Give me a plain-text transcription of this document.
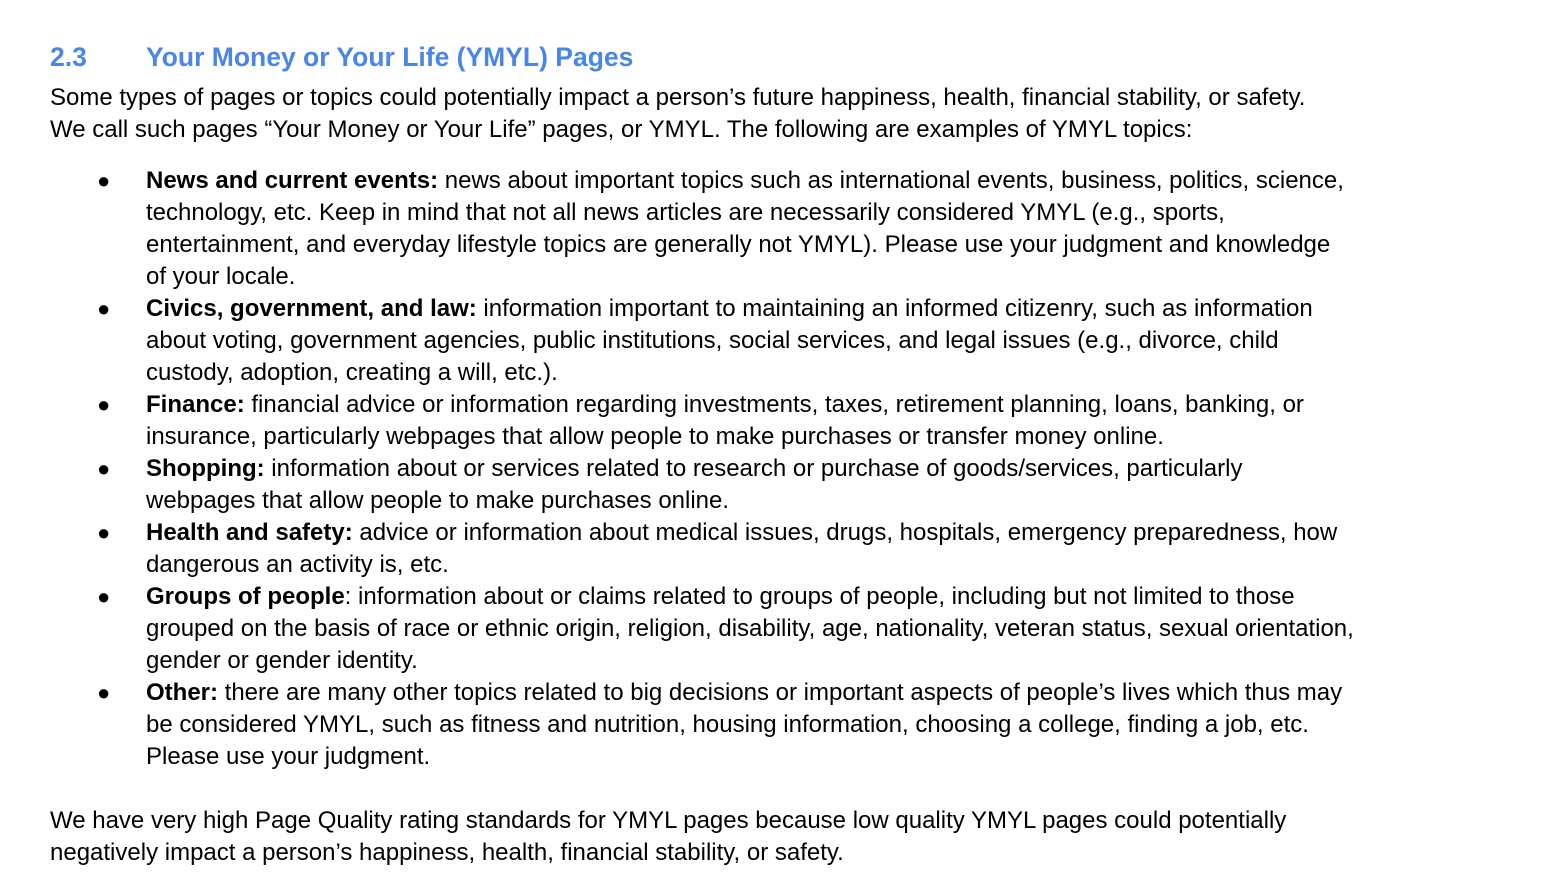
2.3	Your Money or Your Life (YMYL) Pages

Some types of pages or topics could potentially impact a person’s future happiness, health, financial stability, or safety.

We call such pages “Your Money or Your Life” pages, or YMYL. The following are examples of YMYL topics:

● News and current events: news about important topics such as international events, business, politics, science,
technology, etc. Keep in mind that not all news articles are necessarily considered YMYL (e.g., sports,
entertainment, and everyday lifestyle topics are generally not YMYL). Please use your judgment and knowledge
of your locale.
● Civics, government, and law: information important to maintaining an informed citizenry, such as information
about voting, government agencies, public institutions, social services, and legal issues (e.g., divorce, child
custody, adoption, creating a will, etc.).
● Finance: financial advice or information regarding investments, taxes, retirement planning, loans, banking, or
insurance, particularly webpages that allow people to make purchases or transfer money online.
● Shopping: information about or services related to research or purchase of goods/services, particularly
webpages that allow people to make purchases online.
● Health and safety: advice or information about medical issues, drugs, hospitals, emergency preparedness, how
dangerous an activity is, etc.
● Groups of people: information about or claims related to groups of people, including but not limited to those
grouped on the basis of race or ethnic origin, religion, disability, age, nationality, veteran status, sexual orientation,
gender or gender identity.
● Other: there are many other topics related to big decisions or important aspects of people’s lives which thus may
be considered YMYL, such as fitness and nutrition, housing information, choosing a college, finding a job, etc.
Please use your judgment.

We have very high Page Quality rating standards for YMYL pages because low quality YMYL pages could potentially

negatively impact a person’s happiness, health, financial stability, or safety.
